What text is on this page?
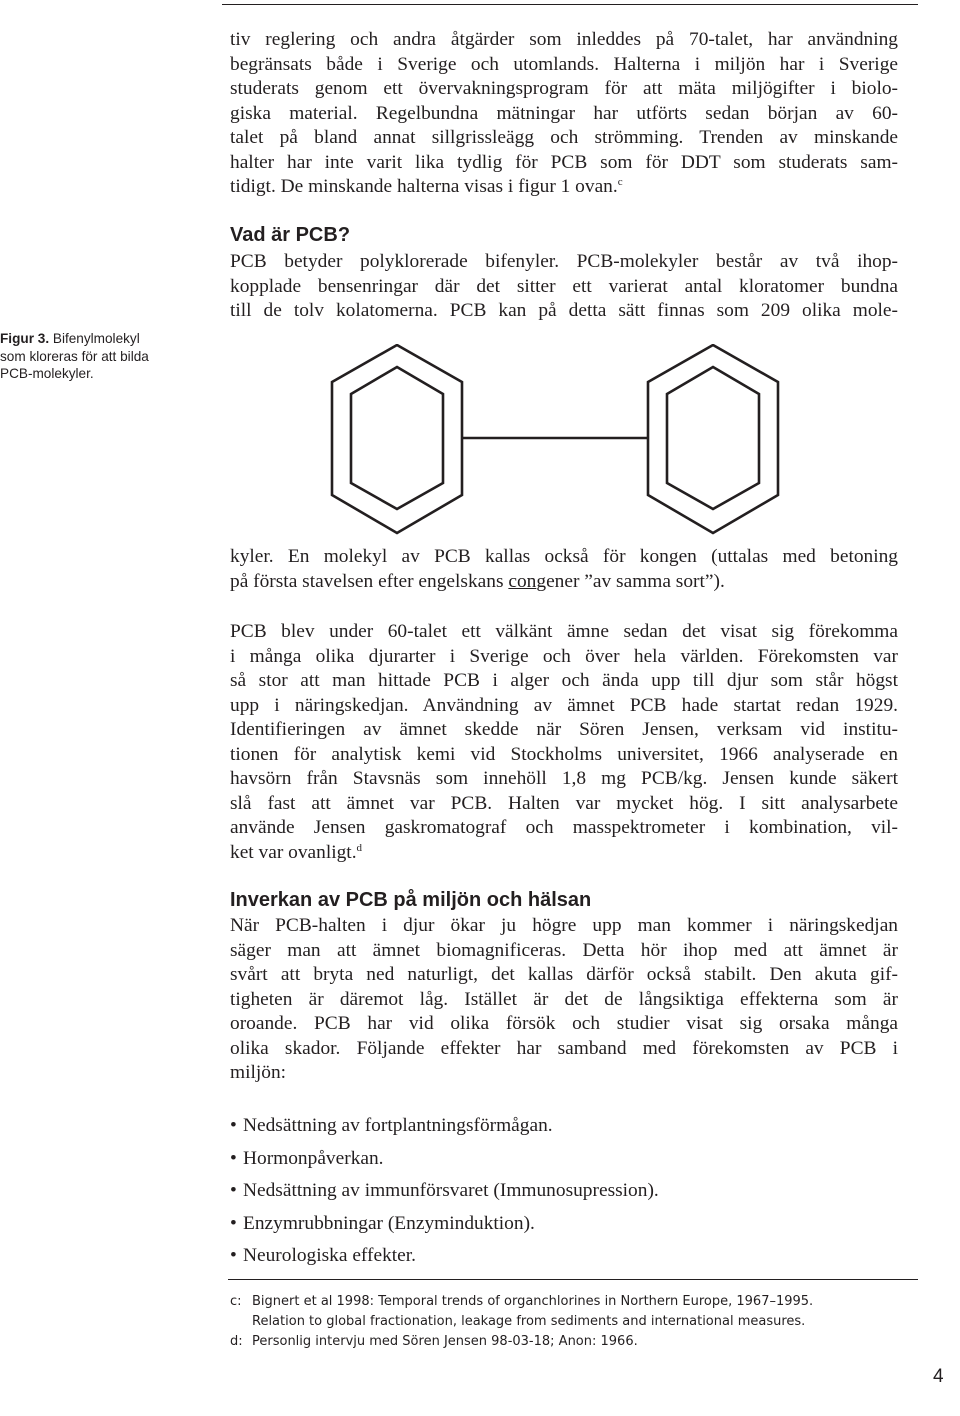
tiv reglering och andra åtgärder som inleddes på 70-talet, har användning
begränsats både i Sverige och utomlands. Halterna i miljön har i Sverige
studerats genom ett övervakningsprogram för att mäta miljögifter i biolo-
giska material. Regelbundna mätningar har utförts sedan början av 60-
talet på bland annat sillgrissleägg och strömming. Trenden av minskande
halter har inte varit lika tydlig för PCB som för DDT som studerats sam-
tidigt. De minskande halterna visas i figur 1 ovan.$^c$
Vad är PCB?
PCB betyder polyklorerade bifenyler. PCB-molekyler består av två ihop-
kopplade bensenringar där det sitter ett varierat antal kloratomer bundna
till de tolv kolatomerna. PCB kan på detta sätt finnas som 209 olika mole-

Figur 3. Bifenylmolekyl
som kloreras för att bilda
PCB-molekyler.

kyler. En molekyl av PCB kallas också för kongen (uttalas med betoning
på första stavelsen efter engelskans congener ”av samma sort”).
PCB blev under 60-talet ett välkänt ämne sedan det visat sig förekomma
i många olika djurarter i Sverige och över hela världen. Förekomsten var
så stor att man hittade PCB i alger och ända upp till djur som står högst
upp i näringskedjan. Användning av ämnet PCB hade startat redan 1929.
Identifieringen av ämnet skedde när Sören Jensen, verksam vid institu-
tionen för analytisk kemi vid Stockholms universitet, 1966 analyserade en
havsörn från Stavsnäs som innehöll 1,8 mg PCB/kg. Jensen kunde säkert
slå fast att ämnet var PCB. Halten var mycket hög. I sitt analysarbete
använde Jensen gaskromatograf och masspektrometer i kombination, vil-
ket var ovanligt.$^d$
Inverkan av PCB på miljön och hälsan
När PCB-halten i djur ökar ju högre upp man kommer i näringskedjan
säger man att ämnet biomagnificeras. Detta hör ihop med att ämnet är
svårt att bryta ned naturligt, det kallas därför också stabilt. Den akuta gif-
tigheten är däremot låg. Istället är det de långsiktiga effekterna som är
oroande. PCB har vid olika försök och studier visat sig orsaka många
olika skador. Följande effekter har samband med förekomsten av PCB i
miljön:
• Nedsättning av fortplantningsförmågan.
• Hormonpåverkan.
• Nedsättning av immunförsvaret (Immunosupression).
• Enzymrubbningar (Enzyminduktion).
• Neurologiska effekter.

c: Bignert et al 1998: Temporal trends of organchlorines in Northern Europe, 1967–1995.
Relation to global fractionation, leakage from sediments and international measures.

d: Personlig intervju med Sören Jensen 98-03-18; Anon: 1966.

4
